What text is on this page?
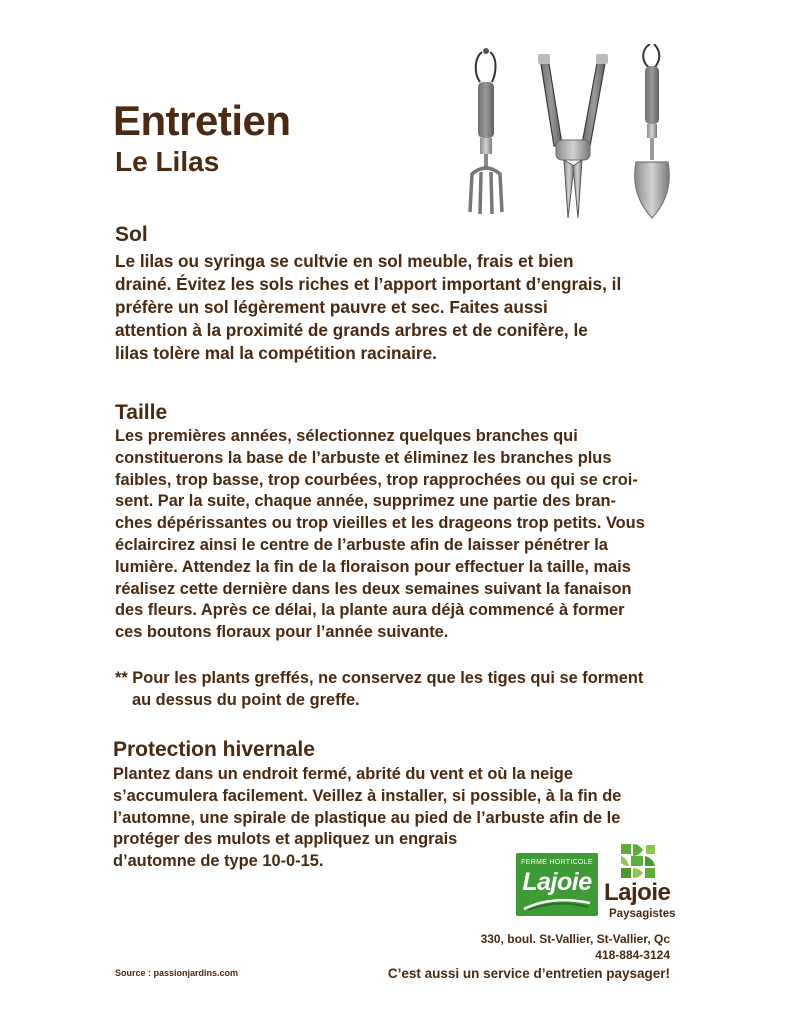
Entretien
Le Lilas
Sol
Le lilas ou syringa se cultvie en sol meuble, frais et bien
drainé. Évitez les sols riches et l’apport important d’engrais, il
préfère un sol légèrement pauvre et sec. Faites aussi
attention à la proximité de grands arbres et de conifère, le
lilas tolère mal la compétition racinaire.
Taille
Les premières années, sélectionnez quelques branches qui
constituerons la base de l’arbuste et éliminez les branches plus
faibles, trop basse, trop courbées, trop rapprochées ou qui se croi-
sent. Par la suite, chaque année, supprimez une partie des bran-
ches dépérissantes ou trop vieilles et les drageons trop petits. Vous
éclaircirez ainsi le centre de l’arbuste afin de laisser pénétrer la
lumière. Attendez la fin de la floraison pour effectuer la taille, mais
réalisez cette dernière dans les deux semaines suivant la fanaison
des fleurs. Après ce délai, la plante aura déjà commencé à former
ces boutons floraux pour l’année suivante.
** Pour les plants greffés, ne conservez que les tiges qui se forment
au dessus du point de greffe.
Protection hivernale
Plantez dans un endroit fermé, abrité du vent et où la neige
s’accumulera facilement. Veillez à installer, si possible, à la fin de
l’automne, une spirale de plastique au pied de l’arbuste afin de le
protéger des mulots et appliquez un engrais
d’automne de type 10-0-15.	FERME HORTICOLE
Lajoie Lajoie
Paysagistes
330, boul. St-Vallier, St-Vallier, Qc
418-884-3124
Source : passionjardins.com	C’est aussi un service d’entretien paysager!
